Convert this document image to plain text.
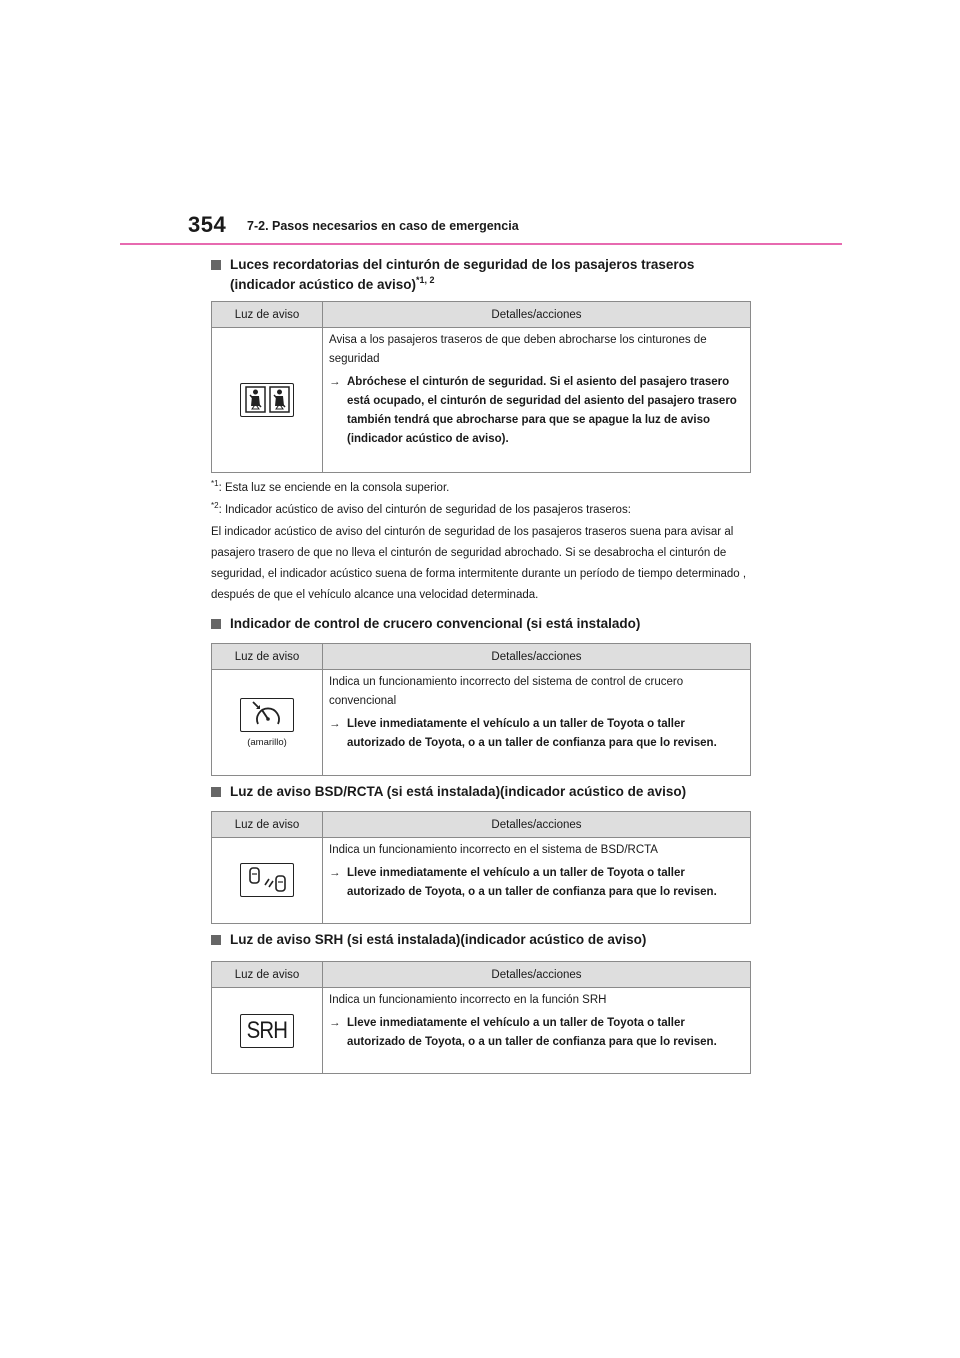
354 7-2. Pasos necesarios en caso de emergencia
Luces recordatorias del cinturón de seguridad de los pasajeros traseros
(indicador acústico de aviso)$^{*1, 2}$
Luz de aviso	Detalles/acciones

Avisa a los pasajeros traseros de que deben abrocharse los cinturones de seguridad

→ Abróchese el cinturón de seguridad. Si el asiento del pasajero trasero está ocupado, el cinturón de seguridad del asiento del pasajero trasero también tendrá que abrocharse para que se apague la luz de aviso (indicador acústico de aviso).

$^{*1}$: Esta luz se enciende en la consola superior.

$^{*2}$: Indicador acústico de aviso del cinturón de seguridad de los pasajeros traseros:

El indicador acústico de aviso del cinturón de seguridad de los pasajeros traseros suena para avisar al pasajero trasero de que no lleva el cinturón de seguridad abrochado. Si se desabrocha el cinturón de seguridad, el indicador acústico suena de forma intermitente durante un período de tiempo determinado , después de que el vehículo alcance una velocidad determinada.

Indicador de control de crucero convencional (si está instalado)
Luz de aviso	Detalles/acciones

(amarillo)	Indica un funcionamiento incorrecto del sistema de control de crucero convencional

→ Lleve inmediatamente el vehículo a un taller de Toyota o taller autorizado de Toyota, o a un taller de confianza para que lo revisen.
Luz de aviso BSD/RCTA (si está instalada)(indicador acústico de aviso)
Luz de aviso	Detalles/acciones

Indica un funcionamiento incorrecto en el sistema de BSD/RCTA

→ Lleve inmediatamente el vehículo a un taller de Toyota o taller autorizado de Toyota, o a un taller de confianza para que lo revisen.
Luz de aviso SRH (si está instalada)(indicador acústico de aviso)
Luz de aviso	Detalles/acciones

SRH	Indica un funcionamiento incorrecto en la función SRH

→ Lleve inmediatamente el vehículo a un taller de Toyota o taller autorizado de Toyota, o a un taller de confianza para que lo revisen.
